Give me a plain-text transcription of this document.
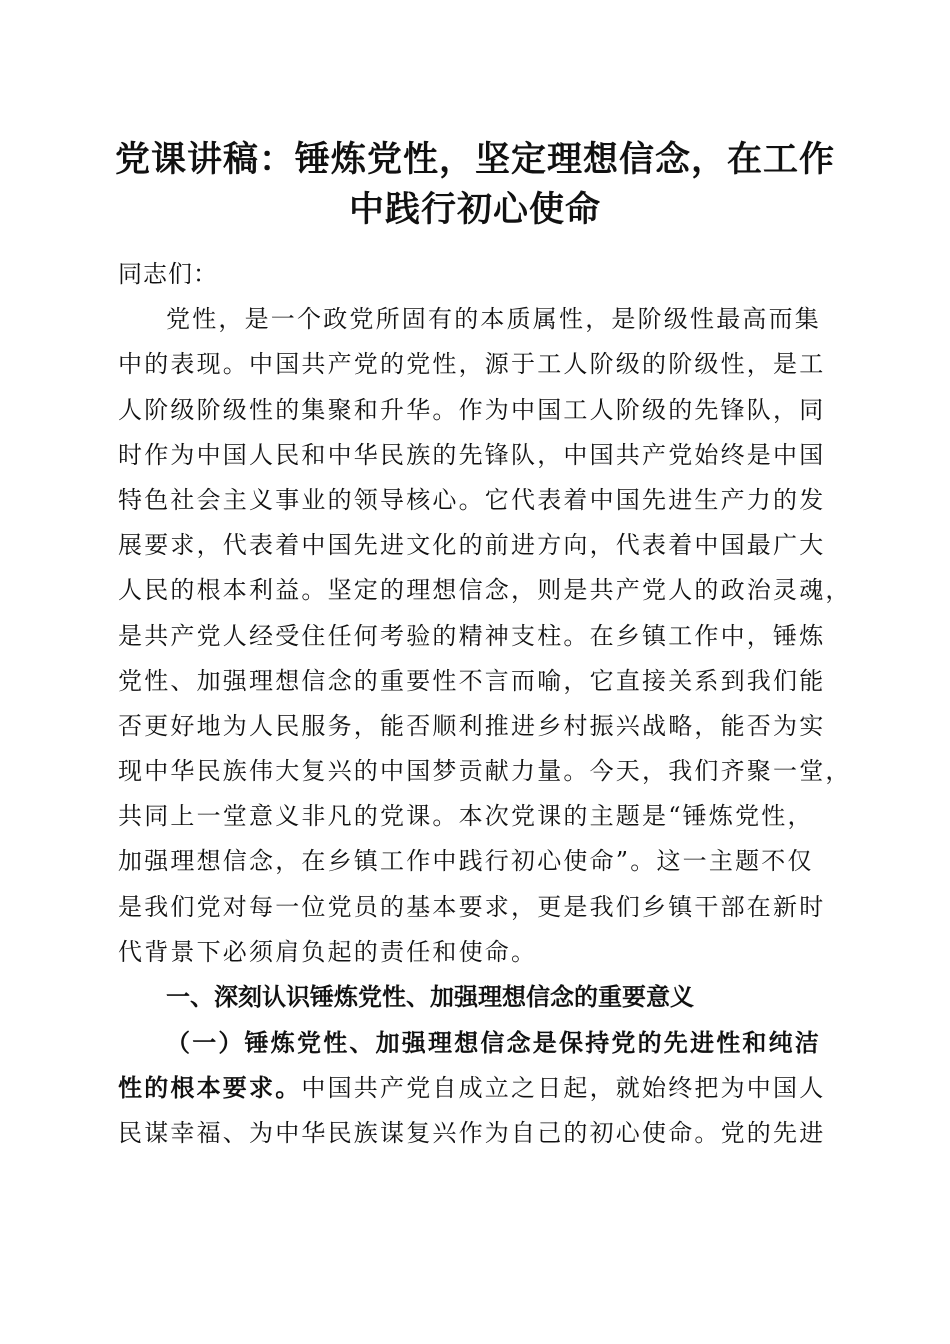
党课讲稿：锤炼党性，坚定理想信念，在工作
中践行初心使命
同志们：
党性，是一个政党所固有的本质属性，是阶级性最高而集
中的表现。中国共产党的党性，源于工人阶级的阶级性，是工
人阶级阶级性的集聚和升华。作为中国工人阶级的先锋队，同
时作为中国人民和中华民族的先锋队，中国共产党始终是中国
特色社会主义事业的领导核心。它代表着中国先进生产力的发
展要求，代表着中国先进文化的前进方向，代表着中国最广大
人民的根本利益。坚定的理想信念，则是共产党人的政治灵魂，
是共产党人经受住任何考验的精神支柱。在乡镇工作中，锤炼
党性、加强理想信念的重要性不言而喻，它直接关系到我们能
否更好地为人民服务，能否顺利推进乡村振兴战略，能否为实
现中华民族伟大复兴的中国梦贡献力量。今天，我们齐聚一堂，
共同上一堂意义非凡的党课。本次党课的主题是“锤炼党性，
加强理想信念，在乡镇工作中践行初心使命”。这一主题不仅
是我们党对每一位党员的基本要求，更是我们乡镇干部在新时
代背景下必须肩负起的责任和使命。
一、深刻认识锤炼党性、加强理想信念的重要意义
（一）锤炼党性、加强理想信念是保持党的先进性和纯洁
性的根本要求。中国共产党自成立之日起，就始终把为中国人
民谋幸福、为中华民族谋复兴作为自己的初心使命。党的先进
